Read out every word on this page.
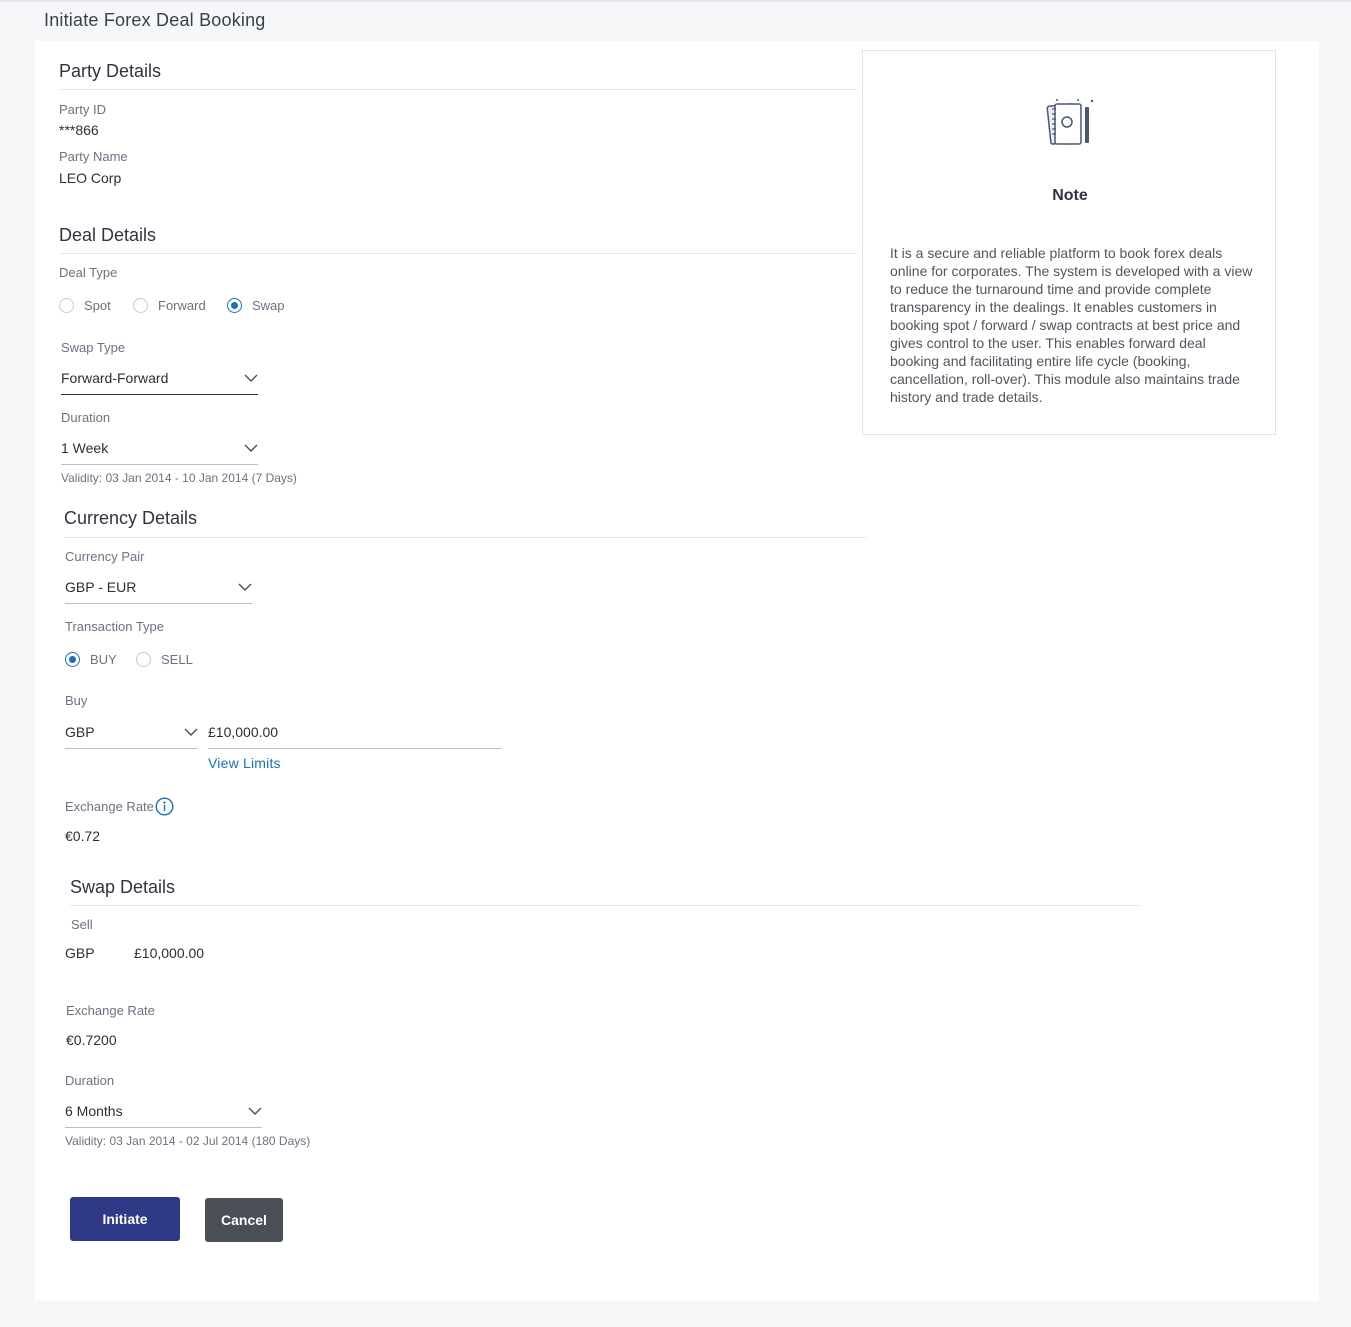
Initiate Forex Deal Booking
Party Details
Party ID
***866
Party Name
LEO Corp
Deal Details
Deal Type
Spot	Forward	Swap
Swap Type
Forward-Forward
Duration
1 Week
Validity: 03 Jan 2014 - 10 Jan 2014 (7 Days)
Currency Details
Currency Pair
GBP - EUR
Transaction Type
BUY	SELL
Buy
GBP	£10,000.00
View Limits
Exchange Rate
€0.72
Swap Details
Sell
GBP	£10,000.00
Exchange Rate
€0.7200
Duration
6 Months
Validity: 03 Jan 2014 - 02 Jul 2014 (180 Days)
Initiate	Cancel
Note
It is a secure and reliable platform to book forex deals online for corporates. The system is developed with a view to reduce the turnaround time and provide complete transparency in the dealings. It enables customers in booking spot / forward / swap contracts at best price and gives control to the user. This enables forward deal booking and facilitating entire life cycle (booking, cancellation, roll-over). This module also maintains trade history and trade details.
